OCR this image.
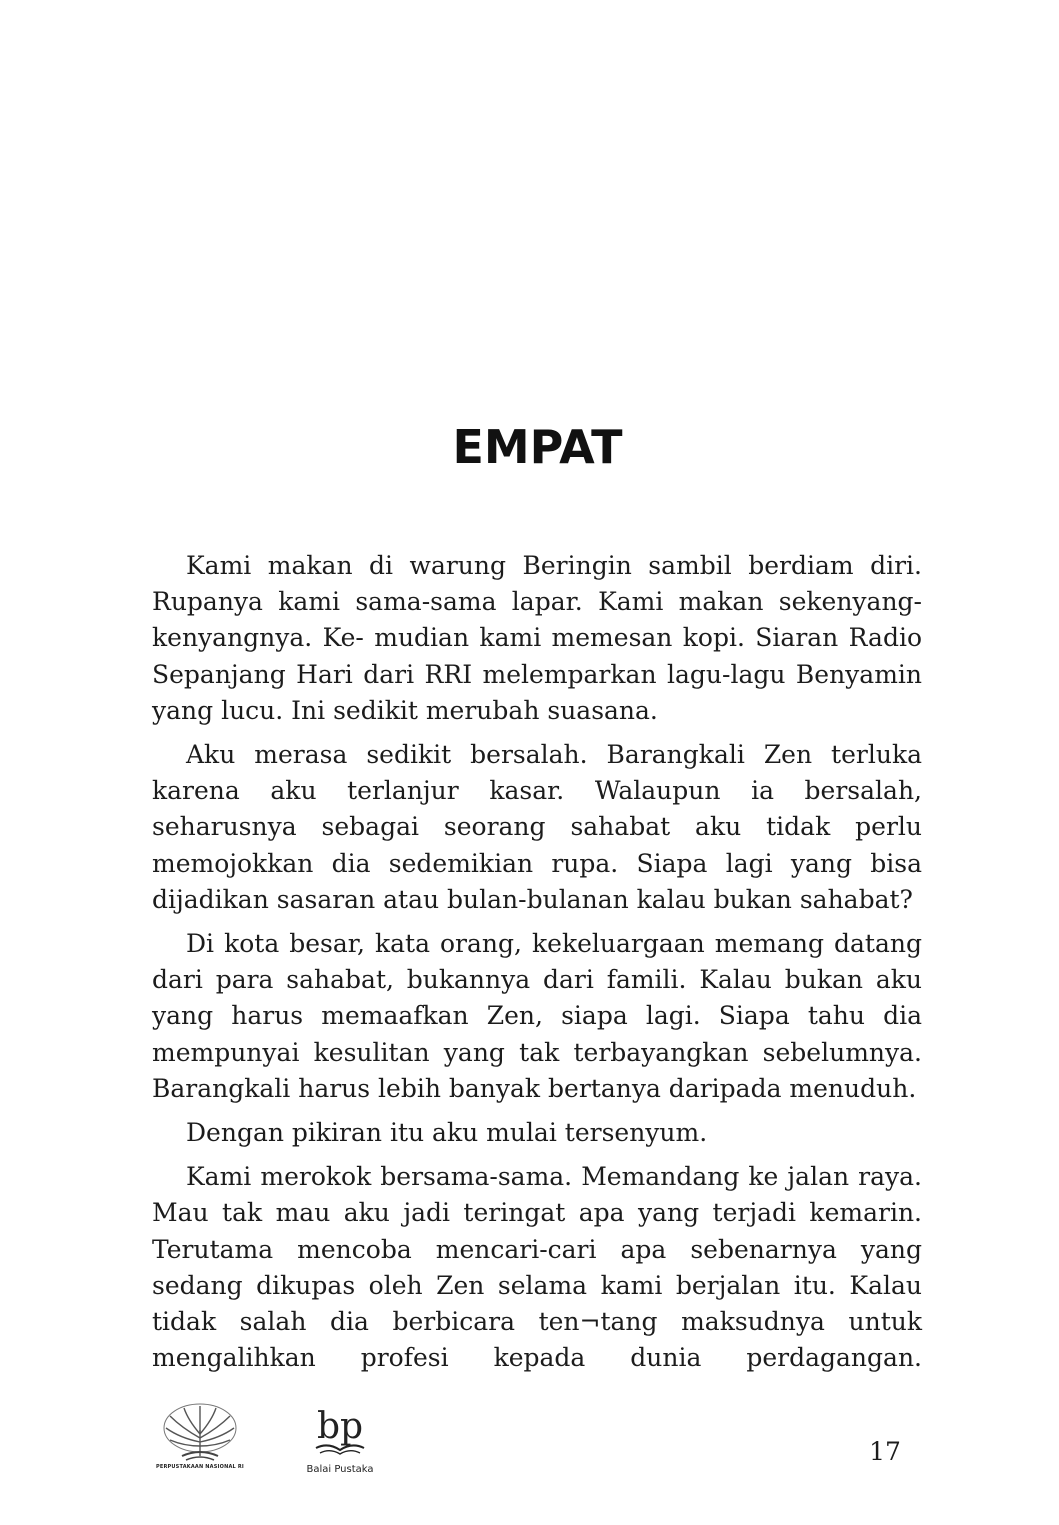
EMPAT

Kami makan di warung Beringin sambil berdiam diri. Rupanya kami sama-sama lapar. Kami makan sekenyang-kenyangnya. Ke- mudian kami memesan kopi. Siaran Radio Sepanjang Hari dari RRI melemparkan lagu-lagu Benyamin yang lucu. Ini sedikit merubah suasana.

Aku merasa sedikit bersalah. Barangkali Zen terluka karena aku terlanjur kasar. Walaupun ia bersalah, seharusnya sebagai seorang sahabat aku tidak perlu memojokkan dia sedemikian rupa. Siapa lagi yang bisa dijadikan sasaran atau bulan-bulanan kalau bukan sahabat?

Di kota besar, kata orang, kekeluargaan memang datang dari para sahabat, bukannya dari famili. Kalau bukan aku yang harus memaafkan Zen, siapa lagi. Siapa tahu dia mempunyai kesulitan yang tak terbayangkan sebelumnya. Barangkali harus lebih banyak bertanya daripada menuduh.

Dengan pikiran itu aku mulai tersenyum.

Kami merokok bersama-sama. Memandang ke jalan raya. Mau tak mau aku jadi teringat apa yang terjadi kemarin. Terutama mencoba mencari-cari apa sebenarnya yang sedang dikupas oleh Zen selama kami berjalan itu. Kalau tidak salah dia berbicara ten¬tang maksudnya untuk mengalihkan profesi kepada dunia perdagangan.

PERPUSTAKAAN NASIONAL RI
bp
Balai Pustaka
17
